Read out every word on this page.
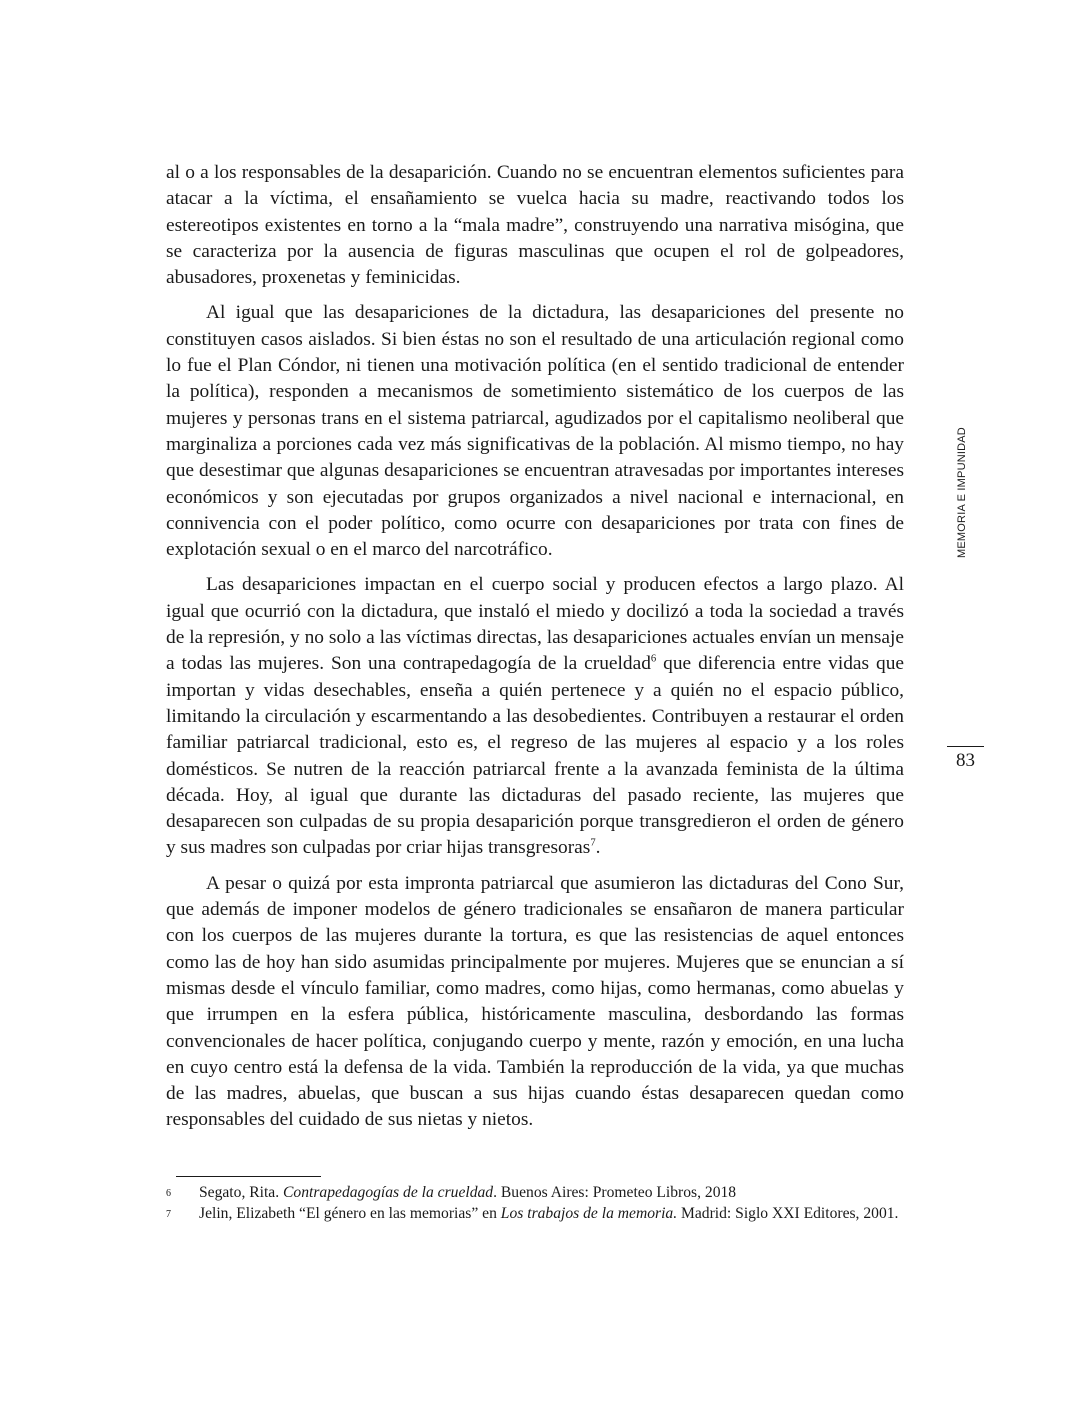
al o a los responsables de la desaparición. Cuando no se encuentran elementos suficientes para atacar a la víctima, el ensañamiento se vuelca hacia su madre, reactivando todos los estereotipos existentes en torno a la “mala madre”, construyendo una narrativa misógina, que se caracteriza por la ausencia de figuras masculinas que ocupen el rol de golpeadores, abusadores, proxenetas y feminicidas.

Al igual que las desapariciones de la dictadura, las desapariciones del presente no constituyen casos aislados. Si bien éstas no son el resultado de una articulación regional como lo fue el Plan Cóndor, ni tienen una motivación política (en el sentido tradicional de entender la política), responden a mecanismos de sometimiento sistemático de los cuerpos de las mujeres y personas trans en el sistema patriarcal, agudizados por el capitalismo neoliberal que marginaliza a porciones cada vez más significativas de la población. Al mismo tiempo, no hay que desestimar que algunas desapariciones se encuentran atravesadas por importantes intereses económicos y son ejecutadas por grupos organizados a nivel nacional e internacional, en connivencia con el poder político, como ocurre con desapariciones por trata con fines de explotación sexual o en el marco del narcotráfico.

Las desapariciones impactan en el cuerpo social y producen efectos a largo plazo. Al igual que ocurrió con la dictadura, que instaló el miedo y docilizó a toda la sociedad a través de la represión, y no solo a las víctimas directas, las desapariciones actuales envían un mensaje a todas las mujeres. Son una contrapedagogía de la crueldad$^6$ que diferencia entre vidas que importan y vidas desechables, enseña a quién pertenece y a quién no el espacio público, limitando la circulación y escarmentando a las desobedientes. Contribuyen a restaurar el orden familiar patriarcal tradicional, esto es, el regreso de las mujeres al espacio y a los roles domésticos. Se nutren de la reacción patriarcal frente a la avanzada feminista de la última década. Hoy, al igual que durante las dictaduras del pasado reciente, las mujeres que desaparecen son culpadas de su propia desaparición porque transgredieron el orden de género y sus madres son culpadas por criar hijas transgresoras$^7$.

A pesar o quizá por esta impronta patriarcal que asumieron las dictaduras del Cono Sur, que además de imponer modelos de género tradicionales se ensañaron de manera particular con los cuerpos de las mujeres durante la tortura, es que las resistencias de aquel entonces como las de hoy han sido asumidas principalmente por mujeres. Mujeres que se enuncian a sí mismas desde el vínculo familiar, como madres, como hijas, como hermanas, como abuelas y que irrumpen en la esfera pública, históricamente masculina, desbordando las formas convencionales de hacer política, conjugando cuerpo y mente, razón y emoción, en una lucha en cuyo centro está la defensa de la vida. También la reproducción de la vida, ya que muchas de las madres, abuelas, que buscan a sus hijas cuando éstas desaparecen quedan como responsables del cuidado de sus nietas y nietos.

MEMORIA E IMPUNIDAD
83

6 Segato, Rita. Contrapedagogías de la crueldad. Buenos Aires: Prometeo Libros, 2018

7 Jelin, Elizabeth “El género en las memorias” en Los trabajos de la memoria. Madrid: Siglo XXI Editores, 2001.
